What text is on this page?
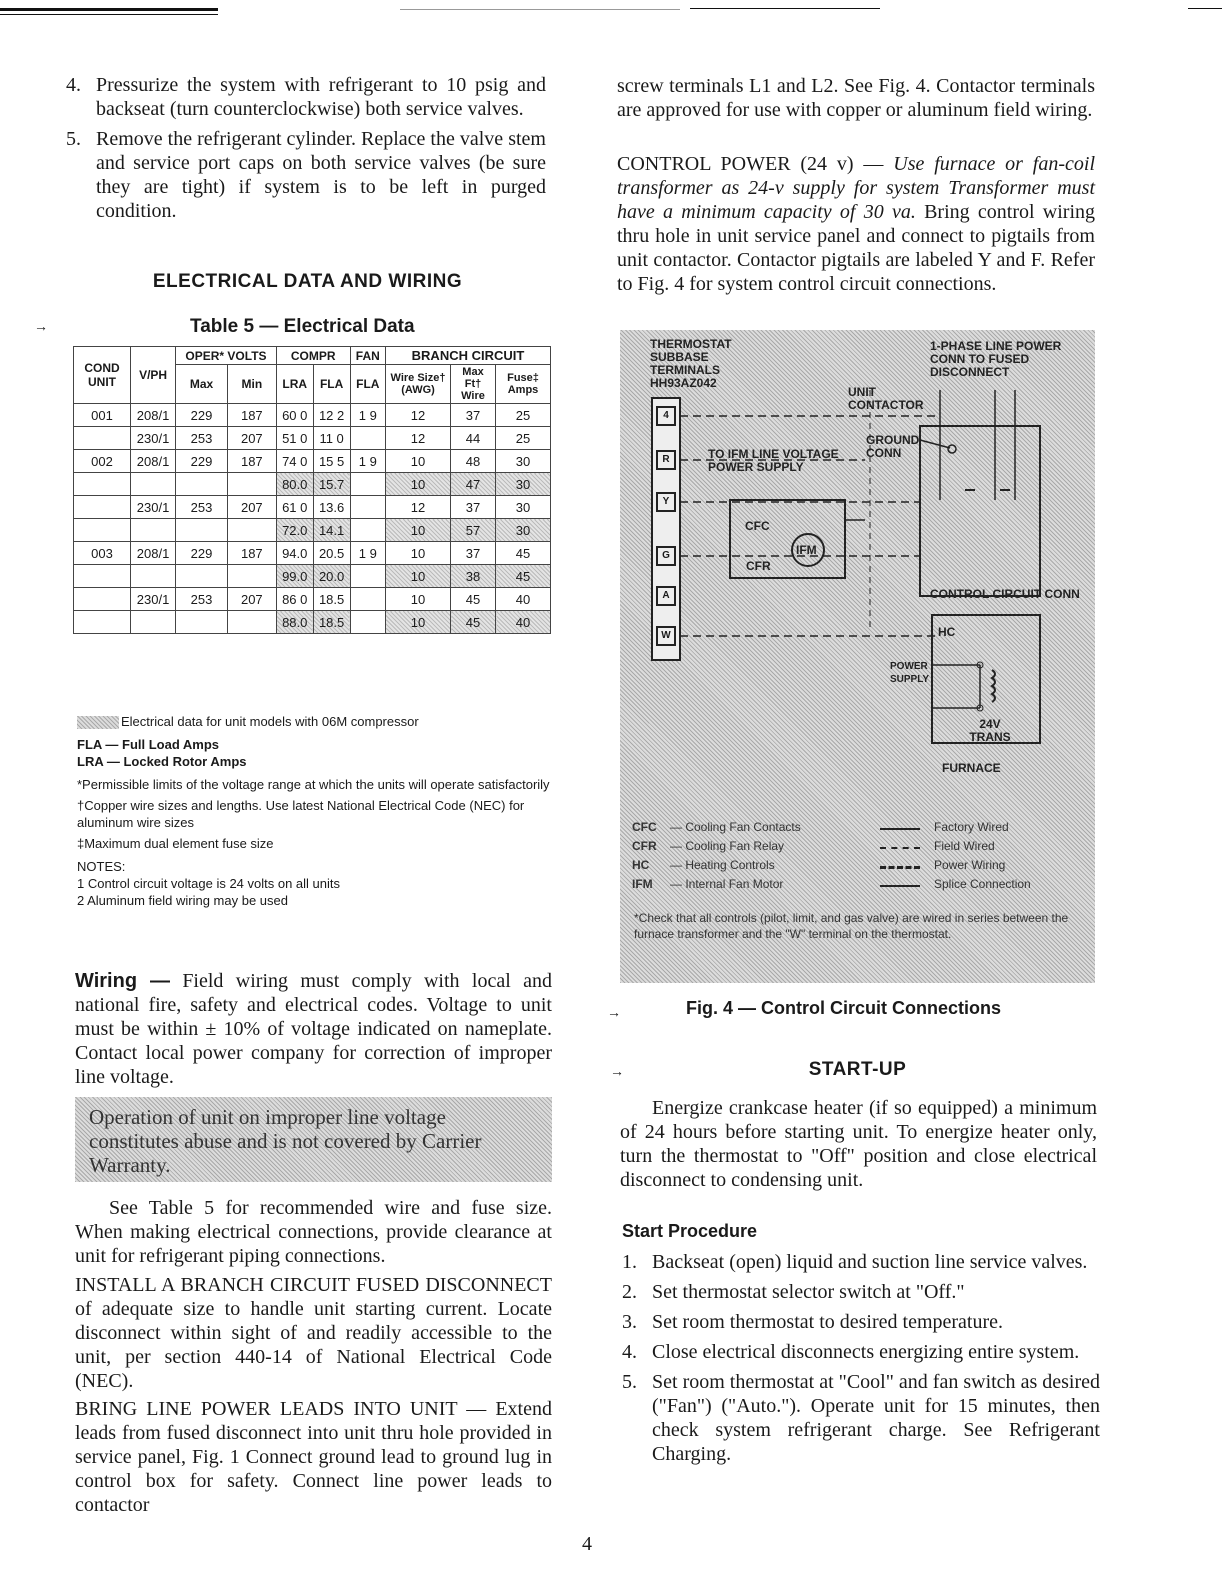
4. Pressurize the system with refrigerant to 10 psig and backseat (turn counterclockwise) both service valves.
5. Remove the refrigerant cylinder. Replace the valve stem and service port caps on both service valves (be sure they are tight) if system is to be left in purged condition.
ELECTRICAL DATA AND WIRING
→	Table 5 — Electrical Data
COND UNIT	V/PH	OPER* VOLTS		COMPR		FAN	BRANCH CIRCUIT		
		Max	Min	LRA	FLA	FLA	Wire Size† (AWG)	Max Ft† Wire	Fuse‡ Amps
001	208/1	229	187	60 0	12 2	1 9	12	37	25
	230/1	253	207	51 0	11 0		12	44	25
002	208/1	229	187	74 0	15 5	1 9	10	48	30
				80.0	15.7		10	47	30
	230/1	253	207	61 0	13.6		12	37	30
				72.0	14.1		10	57	30
003	208/1	229	187	94.0	20.5	1 9	10	37	45
				99.0	20.0		10	38	45
	230/1	253	207	86 0	18.5		10	45	40
				88.0	18.5		10	45	40
Electrical data for unit models with 06M compressor
FLA — Full Load Amps
LRA — Locked Rotor Amps
*Permissible limits of the voltage range at which the units will operate satisfactorily
†Copper wire sizes and lengths. Use latest National Electrical Code (NEC) for aluminum wire sizes
‡Maximum dual element fuse size
NOTES:
1 Control circuit voltage is 24 volts on all units
2 Aluminum field wiring may be used
Wiring — Field wiring must comply with local and national fire, safety and electrical codes. Voltage to unit must be within ± 10% of voltage indicated on nameplate. Contact local power company for correction of improper line voltage.
Operation of unit on improper line voltage constitutes abuse and is not covered by Carrier Warranty.
See Table 5 for recommended wire and fuse size. When making electrical connections, provide clearance at unit for refrigerant piping connections.
INSTALL A BRANCH CIRCUIT FUSED DISCONNECT of adequate size to handle unit starting current. Locate disconnect within sight of and readily accessible to the unit, per section 440-14 of National Electrical Code (NEC).
BRING LINE POWER LEADS INTO UNIT — Extend leads from fused disconnect into unit thru hole provided in service panel, Fig. 1 Connect ground lead to ground lug in control box for safety. Connect line power leads to contactor
screw terminals L1 and L2. See Fig. 4. Contactor terminals are approved for use with copper or aluminum field wiring.
CONTROL POWER (24 v) — Use furnace or fan-coil transformer as 24-v supply for system Transformer must have a minimum capacity of 30 va. Bring control wiring thru hole in unit service panel and connect to pigtails from unit contactor. Contactor pigtails are labeled Y and F. Refer to Fig. 4 for system control circuit connections.
THERMOSTAT SUBBASE TERMINALS HH93AZ042
1-PHASE LINE POWER CONN TO FUSED DISCONNECT
UNIT CONTACTOR
GROUND CONN
TO IFM LINE VOLTAGE POWER SUPPLY
CFC
IFM
CFR
CONTROL CIRCUIT CONN
HC
POWER SUPPLY
24V TRANS
FURNACE
4
R
Y
G
A
W
CFC	— Cooling Fan Contacts	Factory Wired
CFR	— Cooling Fan Relay	Field Wired
HC	— Heating Controls	Power Wiring
IFM	— Internal Fan Motor	Splice Connection
*Check that all controls (pilot, limit, and gas valve) are wired in series between the furnace transformer and the "W" terminal on the thermostat.
→	Fig. 4 — Control Circuit Connections
→	START-UP
Energize crankcase heater (if so equipped) a minimum of 24 hours before starting unit. To energize heater only, turn the thermostat to "Off" position and close electrical disconnect to condensing unit.
Start Procedure
1. Backseat (open) liquid and suction line service valves.
2. Set thermostat selector switch at "Off."
3. Set room thermostat to desired temperature.
4. Close electrical disconnects energizing entire system.
5. Set room thermostat at "Cool" and fan switch as desired ("Fan") ("Auto."). Operate unit for 15 minutes, then check system refrigerant charge. See Refrigerant Charging.
4
